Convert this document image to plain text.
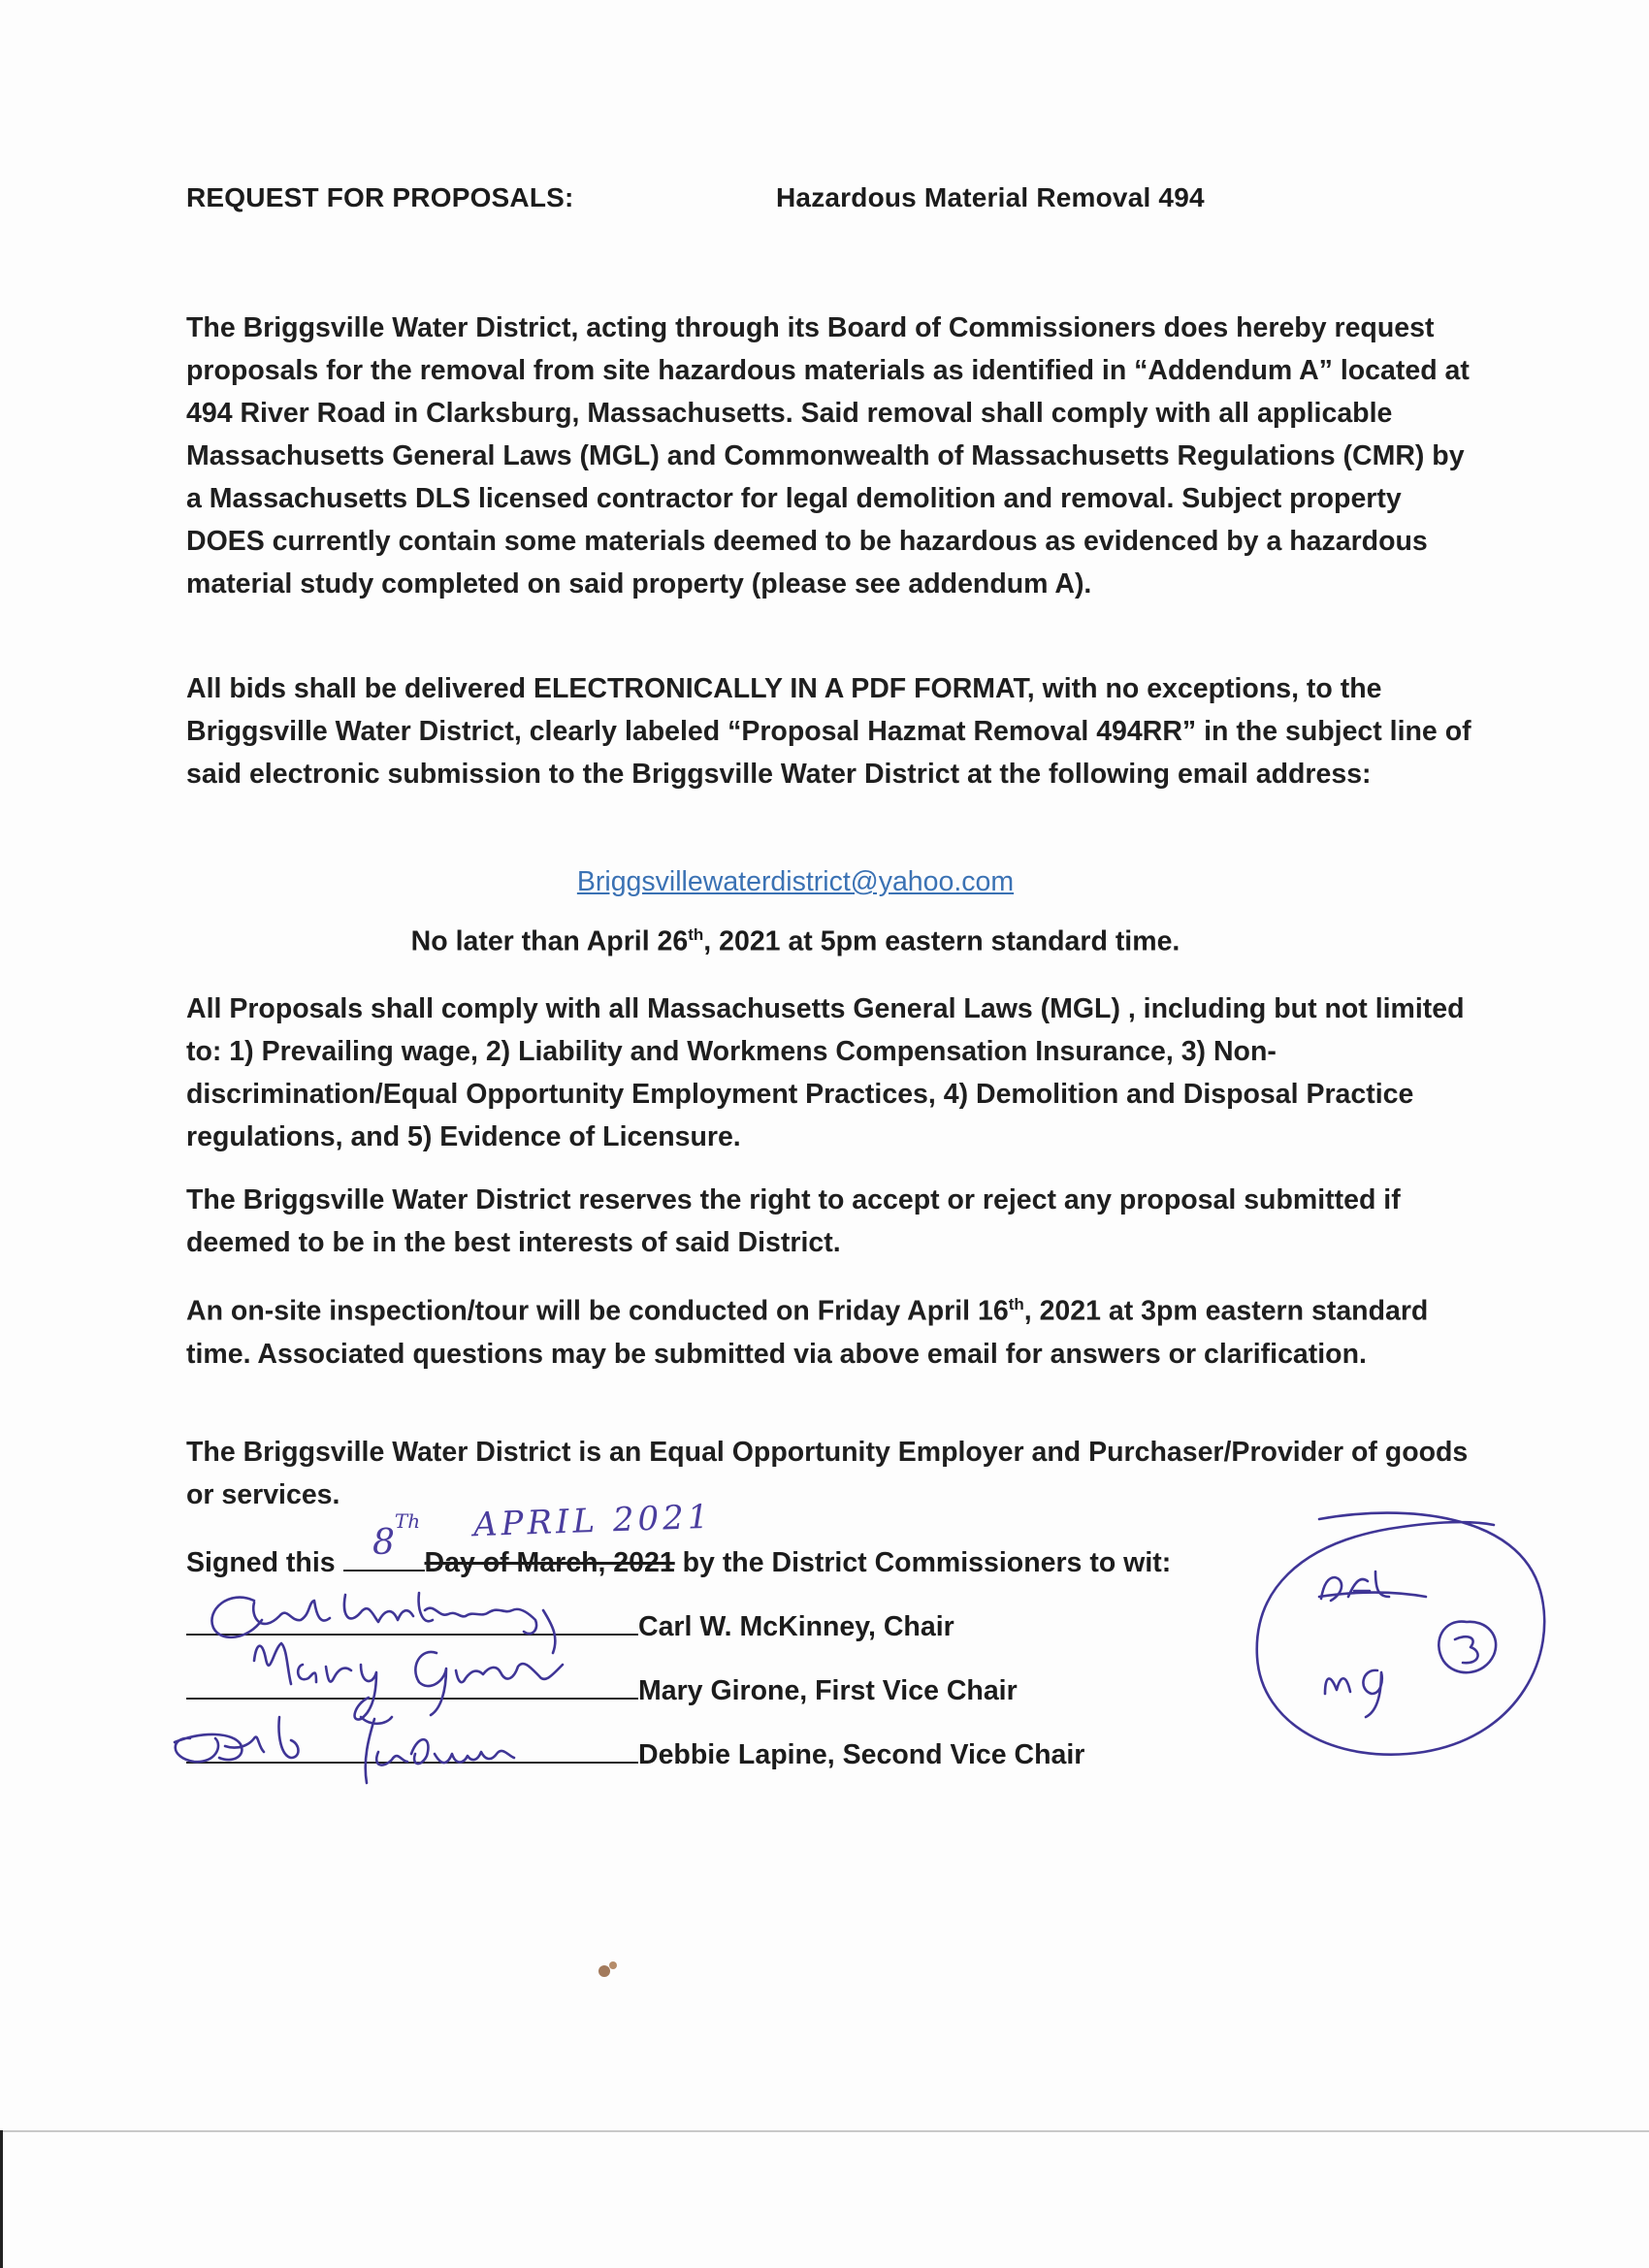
REQUEST FOR PROPOSALS:	Hazardous Material Removal 494
The Briggsville Water District, acting through its Board of Commissioners does hereby request proposals for the removal from site hazardous materials as identified in “Addendum A” located at 494 River Road in Clarksburg, Massachusetts. Said removal shall comply with all applicable Massachusetts General Laws (MGL) and Commonwealth of Massachusetts Regulations (CMR) by a Massachusetts DLS licensed contractor for legal demolition and removal. Subject property DOES currently contain some materials deemed to be hazardous as evidenced by a hazardous material study completed on said property (please see addendum A).
All bids shall be delivered ELECTRONICALLY IN A PDF FORMAT, with no exceptions, to the Briggsville Water District, clearly labeled “Proposal Hazmat Removal 494RR” in the subject line of said electronic submission to the Briggsville Water District at the following email address:
Briggsvillewaterdistrict@yahoo.com
No later than April 26th, 2021 at 5pm eastern standard time.
All Proposals shall comply with all Massachusetts General Laws (MGL) , including but not limited to: 1) Prevailing wage, 2) Liability and Workmens Compensation Insurance, 3) Non-discrimination/Equal Opportunity Employment Practices, 4) Demolition and Disposal Practice regulations, and 5) Evidence of Licensure.
The Briggsville Water District reserves the right to accept or reject any proposal submitted if deemed to be in the best interests of said District.
An on-site inspection/tour will be conducted on Friday April 16th, 2021 at 3pm eastern standard time. Associated questions may be submitted via above email for answers or clarification.
The Briggsville Water District is an Equal Opportunity Employer and Purchaser/Provider of goods or services.
Signed this	Day of March, 2021 by the District Commissioners to wit:
8Th APRIL 2021
Carl W. McKinney, Chair
Mary Girone, First Vice Chair
Debbie Lapine, Second Vice Chair
